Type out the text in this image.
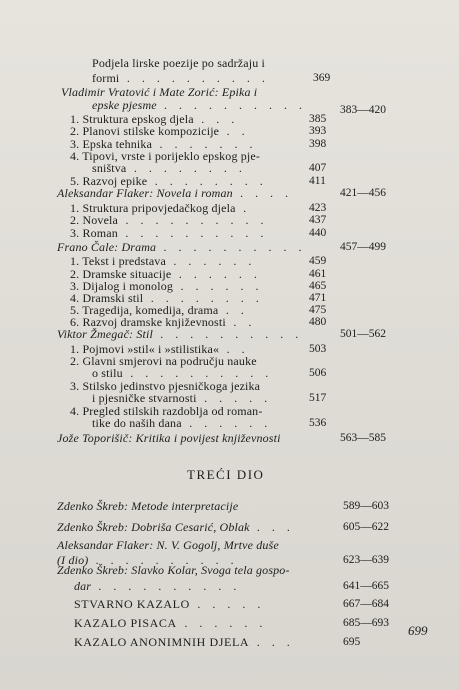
TREĆI DIO
Podjela lirske poezije po sadržaju i
formi . . . . . . . . . .	369
Vladimir Vratović i Mate Zorić: Epika i
epske pjesme . . . . . . . . . .	383—420
1. Struktura epskog djela . . .	385
2. Planovi stilske kompozicije . .	393
3. Epska tehnika . . . . . . .	398
4. Tipovi, vrste i porijeklo epskog pje-
sništva . . . . . . . .	407
5. Razvoj epike . . . . . . . .	411
Aleksandar Flaker: Novela i roman . . . .	421—456
1. Struktura pripovjedačkog djela .	423
2. Novela . . . . . . . . . .	437
3. Roman . . . . . . . . . .	440
Frano Čale: Drama . . . . . . . . . .	457—499
1. Tekst i predstava . . . . . .	459
2. Dramske situacije . . . . . .	461
3. Dijalog i monolog . . . . . .	465
4. Dramski stil . . . . . . . .	471
5. Tragedija, komedija, drama . .	475
6. Razvoj dramske književnosti . .	480
Viktor Žmegač: Stil . . . . . . . . . .	501—562
1. Pojmovi »stil« i »stilistika« . .	503
2. Glavni smjerovi na području nauke
o stilu . . . . . . . . . .	506
3. Stilsko jedinstvo pjesničkoga jezika
i pjesničke stvarnosti . . . . .	517
4. Pregled stilskih razdoblja od roman-
tike do naših dana . . . . . .	536
Jože Toporišič: Kritika i povijest književnosti	563—585
Zdenko Škreb: Metode interpretacije	589—603
Zdenko Škreb: Dobriša Cesarić, Oblak . . .	605—622
Aleksandar Flaker: N. V. Gogolj, Mrtve duše
(I dio) . . . . . . . . . .	623—639
Zdenko Škreb: Slavko Kolar, Svoga tela gospo-
dar . . . . . . . . . .	641—665
STVARNO KAZALO . . . . .	667—684
KAZALO PISACA . . . . . .	685—693
KAZALO ANONIMNIH DJELA . . .	695
699
